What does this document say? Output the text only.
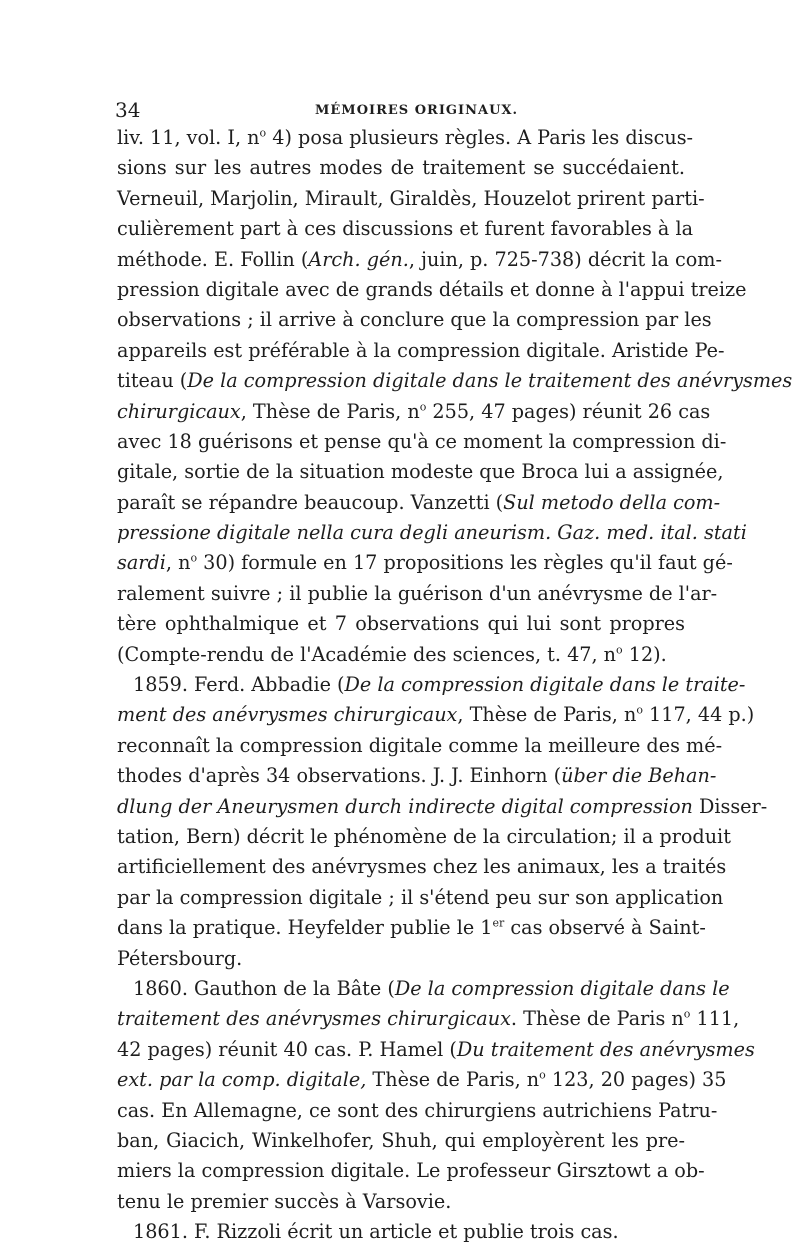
34	MÉMOIRES ORIGINAUX.
liv. 11, vol. I, $n^o$ 4) posa plusieurs règles. A Paris les discus-
sions sur les autres modes de traitement se succédaient.
Verneuil, Marjolin, Mirault, Giraldès, Houzelot prirent parti-
culièrement part à ces discussions et furent favorables à la
méthode. E. Follin (Arch. gén., juin, p. 725-738) décrit la com-
pression digitale avec de grands détails et donne à l'appui treize
observations ; il arrive à conclure que la compression par les
appareils est préférable à la compression digitale. Aristide Pe-
titeau (De la compression digitale dans le traitement des anévrysmes
chirurgicaux, Thèse de Paris, $n^o$ 255, 47 pages) réunit 26 cas
avec 18 guérisons et pense qu'à ce moment la compression di-
gitale, sortie de la situation modeste que Broca lui a assignée,
paraît se répandre beaucoup. Vanzetti (Sul metodo della com-
pressione digitale nella cura degli aneurism. Gaz. med. ital. stati
sardi, $n^o$ 30) formule en 17 propositions les règles qu'il faut gé-
ralement suivre ; il publie la guérison d'un anévrysme de l'ar-
tère ophthalmique et 7 observations qui lui sont propres
(Compte-rendu de l'Académie des sciences, t. 47, $n^o$ 12).
1859. Ferd. Abbadie (De la compression digitale dans le traite-
ment des anévrysmes chirurgicaux, Thèse de Paris, $n^o$ 117, 44 p.)
reconnaît la compression digitale comme la meilleure des mé-
thodes d'après 34 observations. J. J. Einhorn (über die Behan-
dlung der Aneurysmen durch indirecte digital compression Disser-
tation, Bern) décrit le phénomène de la circulation; il a produit
artificiellement des anévrysmes chez les animaux, les a traités
par la compression digitale ; il s'étend peu sur son application
dans la pratique. Heyfelder publie le 1er cas observé à Saint-
Pétersbourg.
1860. Gauthon de la Bâte (De la compression digitale dans le
traitement des anévrysmes chirurgicaux. Thèse de Paris $n^o$ 111,
42 pages) réunit 40 cas. P. Hamel (Du traitement des anévrysmes
ext. par la comp. digitale, Thèse de Paris, $n^o$ 123, 20 pages) 35
cas. En Allemagne, ce sont des chirurgiens autrichiens Patru-
ban, Giacich, Winkelhofer, Shuh, qui employèrent les pre-
miers la compression digitale. Le professeur Girsztowt a ob-
tenu le premier succès à Varsovie.
1861. F. Rizzoli écrit un article et publie trois cas.
